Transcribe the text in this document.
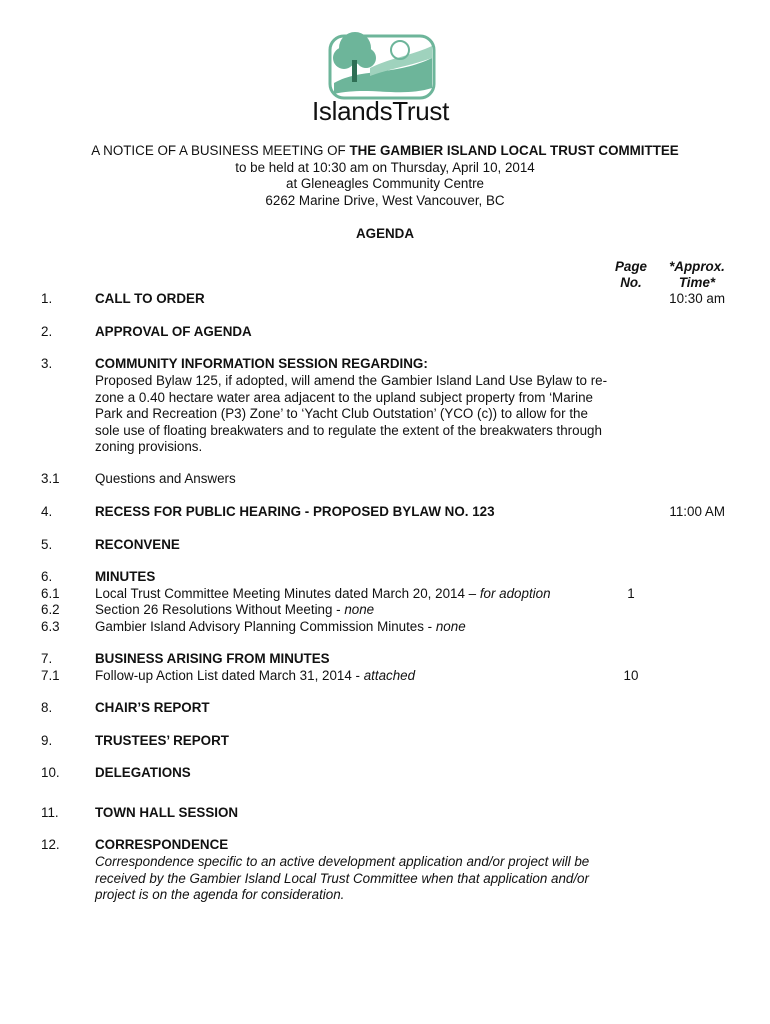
IslandsTrust
A NOTICE OF A BUSINESS MEETING OF THE GAMBIER ISLAND LOCAL TRUST COMMITTEE
to be held at 10:30 am on Thursday, April 10, 2014
at Gleneagles Community Centre
6262 Marine Drive, West Vancouver, BC
AGENDA
Page
No.
*Approx.
Time*
1.	CALL TO ORDER	10:30 am
2.	APPROVAL OF AGENDA
3.	COMMUNITY INFORMATION SESSION REGARDING:
Proposed Bylaw 125, if adopted, will amend the Gambier Island Land Use Bylaw to re-zone a 0.40 hectare water area adjacent to the upland subject property from ‘Marine Park and Recreation (P3) Zone’ to ‘Yacht Club Outstation’ (YCO (c)) to allow for the sole use of floating breakwaters and to regulate the extent of the breakwaters through zoning provisions.
3.1	Questions and Answers
4.	RECESS FOR PUBLIC HEARING - PROPOSED BYLAW NO. 123	11:00 AM
5.	RECONVENE
6.	MINUTES
6.1	Local Trust Committee Meeting Minutes dated March 20, 2014 – for adoption	1
6.2	Section 26 Resolutions Without Meeting - none
6.3	Gambier Island Advisory Planning Commission Minutes - none
7.	BUSINESS ARISING FROM MINUTES
7.1	Follow-up Action List dated March 31, 2014 - attached	10
8.	CHAIR’S REPORT
9.	TRUSTEES’ REPORT
10.	DELEGATIONS
11.	TOWN HALL SESSION
12.	CORRESPONDENCE
Correspondence specific to an active development application and/or project will be received by the Gambier Island Local Trust Committee when that application and/or project is on the agenda for consideration.
